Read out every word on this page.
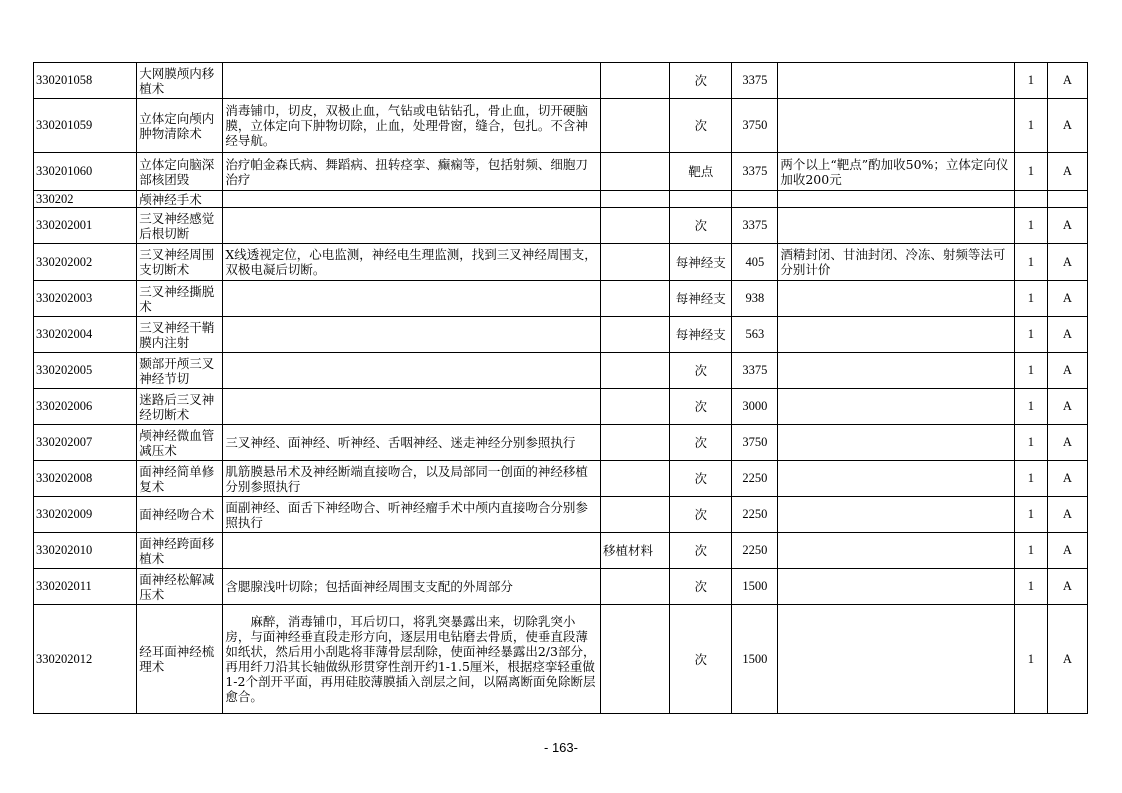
330201058	大网膜颅内移植术			次	3375		1	A
330201059	立体定向颅内肿物清除术	消毒铺巾，切皮，双极止血，气钻或电钻钻孔，骨止血，切开硬脑膜，立体定向下肿物切除，止血，处理骨窗，缝合，包扎。不含神经导航。		次	3750		1	A
330201060	立体定向脑深部核团毁	治疗帕金森氏病、舞蹈病、扭转痉挛、癫痫等，包括射频、细胞刀治疗		靶点	3375	两个以上“靶点”酌加收50%；立体定向仪加收200元	1	A
330202	颅神经手术							
330202001	三叉神经感觉后根切断			次	3375		1	A
330202002	三叉神经周围支切断术	X线透视定位，心电监测，神经电生理监测，找到三叉神经周围支，双极电凝后切断。		每神经支	405	酒精封闭、甘油封闭、冷冻、射频等法可分别计价	1	A
330202003	三叉神经撕脱术			每神经支	938		1	A
330202004	三叉神经干鞘膜内注射			每神经支	563		1	A
330202005	颞部开颅三叉神经节切			次	3375		1	A
330202006	迷路后三叉神经切断术			次	3000		1	A
330202007	颅神经微血管减压术	三叉神经、面神经、听神经、舌咽神经、迷走神经分别参照执行		次	3750		1	A
330202008	面神经简单修复术	肌筋膜悬吊术及神经断端直接吻合，以及局部同一创面的神经移植分别参照执行		次	2250		1	A
330202009	面神经吻合术	面副神经、面舌下神经吻合、听神经瘤手术中颅内直接吻合分别参照执行		次	2250		1	A
330202010	面神经跨面移植术		移植材料	次	2250		1	A
330202011	面神经松解减压术	含腮腺浅叶切除；包括面神经周围支支配的外周部分		次	1500		1	A
330202012	经耳面神经梳理术	麻醉，消毒铺巾，耳后切口，将乳突暴露出来，切除乳突小房，与面神经垂直段走形方向，逐层用电钻磨去骨质，使垂直段薄如纸状，然后用小刮匙将菲薄骨层刮除，使面神经暴露出2/3部分，再用纤刀沿其长轴做纵形贯穿性剖开约1-1.5厘米，根据痉挛轻重做1-2个剖开平面，再用硅胶薄膜插入剖层之间，以隔离断面免除断层愈合。		次	1500		1	A
- 163-
